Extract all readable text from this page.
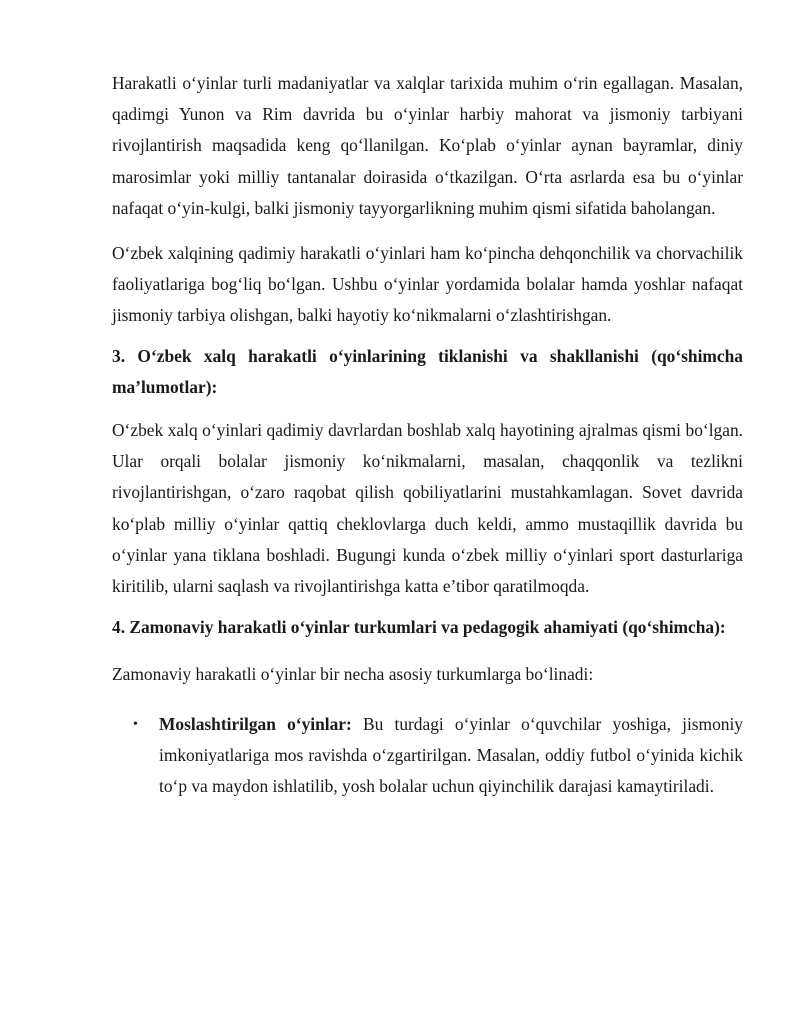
Harakatli o‘yinlar turli madaniyatlar va xalqlar tarixida muhim o‘rin egallagan. Masalan, qadimgi Yunon va Rim davrida bu o‘yinlar harbiy mahorat va jismoniy tarbiyani rivojlantirish maqsadida keng qo‘llanilgan. Ko‘plab o‘yinlar aynan bayramlar, diniy marosimlar yoki milliy tantanalar doirasida o‘tkazilgan. O‘rta asrlarda esa bu o‘yinlar nafaqat o‘yin-kulgi, balki jismoniy tayyorgarlikning muhim qismi sifatida baholangan.

O‘zbek xalqining qadimiy harakatli o‘yinlari ham ko‘pincha dehqonchilik va chorvachilik faoliyatlariga bog‘liq bo‘lgan. Ushbu o‘yinlar yordamida bolalar hamda yoshlar nafaqat jismoniy tarbiya olishgan, balki hayotiy ko‘nikmalarni o‘zlashtirishgan.

3. O‘zbek xalq harakatli o‘yinlarining tiklanishi va shakllanishi (qo‘shimcha ma’lumotlar):

O‘zbek xalq o‘yinlari qadimiy davrlardan boshlab xalq hayotining ajralmas qismi bo‘lgan. Ular orqali bolalar jismoniy ko‘nikmalarni, masalan, chaqqonlik va tezlikni rivojlantirishgan, o‘zaro raqobat qilish qobiliyatlarini mustahkamlagan. Sovet davrida ko‘plab milliy o‘yinlar qattiq cheklovlarga duch keldi, ammo mustaqillik davrida bu o‘yinlar yana tiklana boshladi. Bugungi kunda o‘zbek milliy o‘yinlari sport dasturlariga kiritilib, ularni saqlash va rivojlantirishga katta e’tibor qaratilmoqda.

4. Zamonaviy harakatli o‘yinlar turkumlari va pedagogik ahamiyati (qo‘shimcha):

Zamonaviy harakatli o‘yinlar bir necha asosiy turkumlarga bo‘linadi:

• Moslashtirilgan o‘yinlar: Bu turdagi o‘yinlar o‘quvchilar yoshiga, jismoniy imkoniyatlariga mos ravishda o‘zgartirilgan. Masalan, oddiy futbol o‘yinida kichik to‘p va maydon ishlatilib, yosh bolalar uchun qiyinchilik darajasi kamaytiriladi.
